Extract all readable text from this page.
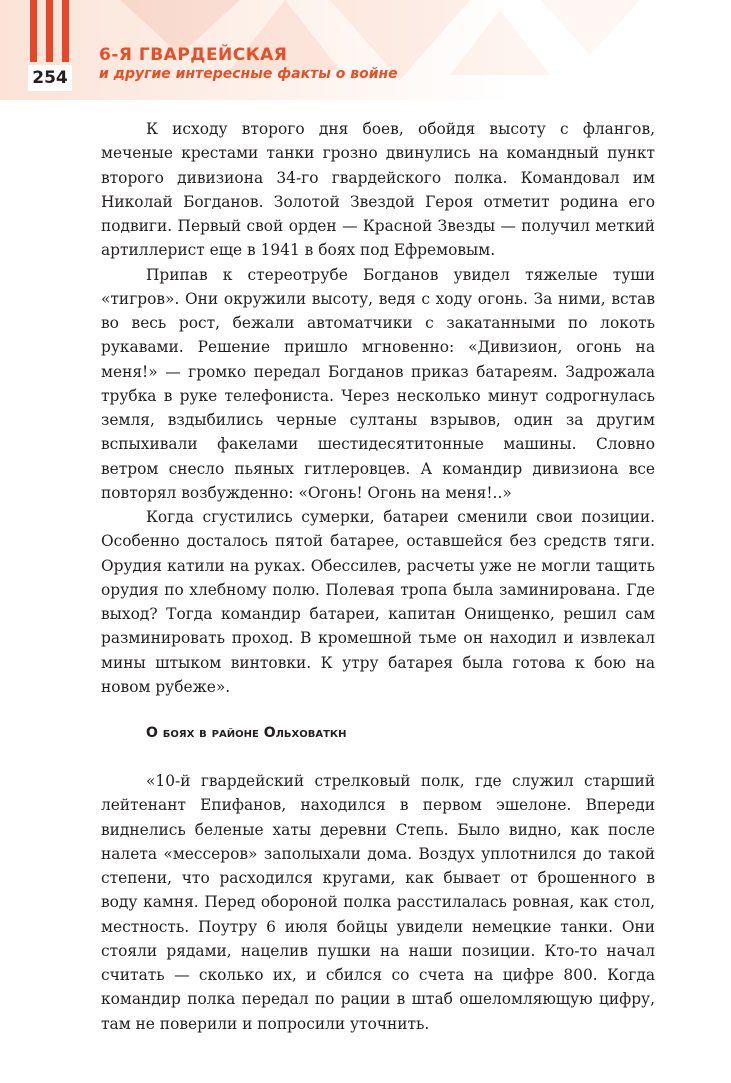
254
6-Я ГВАРДЕЙСКАЯ
и другие интересные факты о войне

К исходу второго дня боев, обойдя высоту с флангов, меченые крестами танки грозно двинулись на командный пункт второго дивизиона 34-го гвардейского полка. Командовал им Николай Богданов. Золотой Звездой Героя отметит родина его подвиги. Первый свой орден — Красной Звезды — получил меткий артиллерист еще в 1941 в боях под Ефремовым.

Припав к стереотрубе Богданов увидел тяжелые туши «тигров». Они окружили высоту, ведя с ходу огонь. За ними, встав во весь рост, бежали автоматчики с закатанными по локоть рукавами. Решение пришло мгновенно: «Дивизион, огонь на меня!» — громко передал Богданов приказ батареям. Задрожала трубка в руке телефониста. Через несколько минут содрогнулась земля, вздыбились черные султаны взрывов, один за другим вспыхивали факелами шестидесятитонные машины. Словно ветром снесло пьяных гитлеровцев. А командир дивизиона все повторял возбужденно: «Огонь! Огонь на меня!..»

Когда сгустились сумерки, батареи сменили свои позиции. Особенно досталось пятой батарее, оставшейся без средств тяги. Орудия катили на руках. Обессилев, расчеты уже не могли тащить орудия по хлебному полю. Полевая тропа была заминирована. Где выход? Тогда командир батареи, капитан Онищенко, решил сам разминировать проход. В кромешной тьме он находил и извлекал мины штыком винтовки. К утру батарея была готова к бою на новом рубеже».

О боях в районе Ольховаткн

«10-й гвардейский стрелковый полк, где служил старший лейтенант Епифанов, находился в первом эшелоне. Впереди виднелись беленые хаты деревни Степь. Было видно, как после налета «мессеров» заполыхали дома. Воздух уплотнился до такой степени, что расходился кругами, как бывает от брошенного в воду камня. Перед обороной полка расстилалась ровная, как стол, местность. Поутру 6 июля бойцы увидели немецкие танки. Они стояли рядами, нацелив пушки на наши позиции. Кто-то начал считать — сколько их, и сбился со счета на цифре 800. Когда командир полка передал по рации в штаб ошеломляющую цифру, там не поверили и попросили уточнить.
